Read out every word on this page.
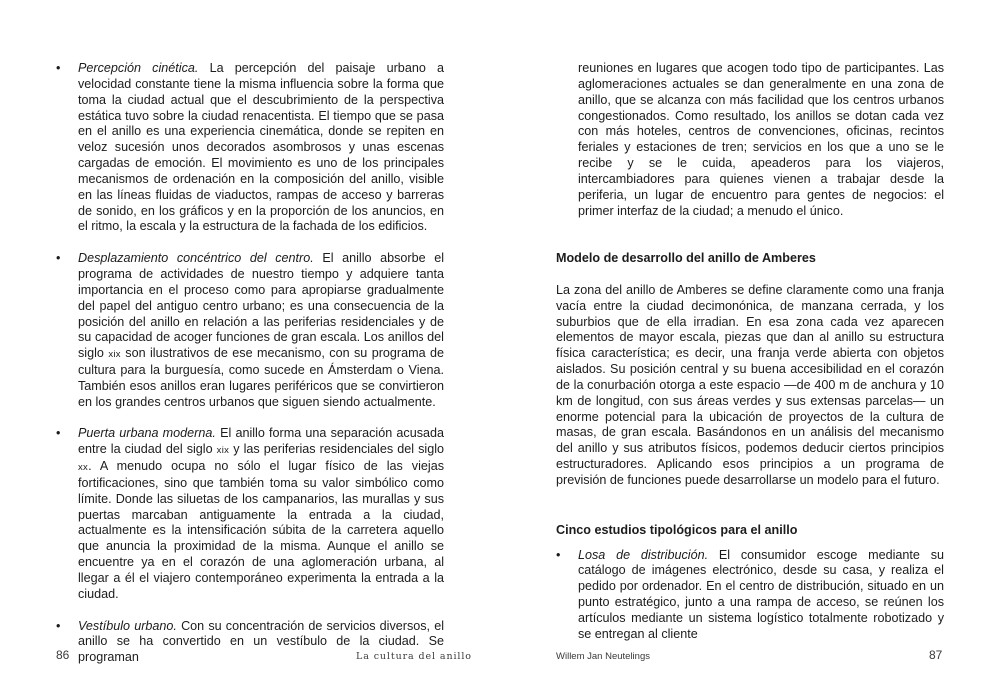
•	Percepción cinética. La percepción del paisaje urbano a velocidad constante tiene la misma influencia sobre la forma que toma la ciudad actual que el descubrimiento de la perspectiva estática tuvo sobre la ciudad renacentista. El tiempo que se pasa en el anillo es una experiencia cinemática, donde se repiten en veloz sucesión unos decorados asombrosos y unas escenas cargadas de emoción. El movimiento es uno de los principales mecanismos de ordenación en la composición del anillo, visible en las líneas fluidas de viaductos, rampas de acceso y barreras de sonido, en los gráficos y en la proporción de los anuncios, en el ritmo, la escala y la estructura de la fachada de los edificios.
•	Desplazamiento concéntrico del centro. El anillo absorbe el programa de actividades de nuestro tiempo y adquiere tanta importancia en el proceso como para apropiarse gradualmente del papel del antiguo centro urbano; es una consecuencia de la posición del anillo en relación a las periferias residenciales y de su capacidad de acoger funciones de gran escala. Los anillos del siglo xix son ilustrativos de ese mecanismo, con su programa de cultura para la burguesía, como sucede en Ámsterdam o Viena. También esos anillos eran lugares periféricos que se convirtieron en los grandes centros urbanos que siguen siendo actualmente.
•	Puerta urbana moderna. El anillo forma una separación acusada entre la ciudad del siglo xix y las periferias residenciales del siglo xx. A menudo ocupa no sólo el lugar físico de las viejas fortificaciones, sino que también toma su valor simbólico como límite. Donde las siluetas de los campanarios, las murallas y sus puertas marcaban antiguamente la entrada a la ciudad, actualmente es la intensificación súbita de la carretera aquello que anuncia la proximidad de la misma. Aunque el anillo se encuentre ya en el corazón de una aglomeración urbana, al llegar a él el viajero contemporáneo experimenta la entrada a la ciudad.
•	Vestíbulo urbano. Con su concentración de servicios diversos, el anillo se ha convertido en un vestíbulo de la ciudad. Se programan
86	La cultura del anillo
reuniones en lugares que acogen todo tipo de participantes. Las aglomeraciones actuales se dan generalmente en una zona de anillo, que se alcanza con más facilidad que los centros urbanos congestionados. Como resultado, los anillos se dotan cada vez con más hoteles, centros de convenciones, oficinas, recintos feriales y estaciones de tren; servicios en los que a uno se le recibe y se le cuida, apeaderos para los viajeros, intercambiadores para quienes vienen a trabajar desde la periferia, un lugar de encuentro para gentes de negocios: el primer interfaz de la ciudad; a menudo el único.
Modelo de desarrollo del anillo de Amberes
La zona del anillo de Amberes se define claramente como una franja vacía entre la ciudad decimonónica, de manzana cerrada, y los suburbios que de ella irradian. En esa zona cada vez aparecen elementos de mayor escala, piezas que dan al anillo su estructura física característica; es decir, una franja verde abierta con objetos aislados. Su posición central y su buena accesibilidad en el corazón de la conurbación otorga a este espacio —de 400 m de anchura y 10 km de longitud, con sus áreas verdes y sus extensas parcelas— un enorme potencial para la ubicación de proyectos de la cultura de masas, de gran escala. Basándonos en un análisis del mecanismo del anillo y sus atributos físicos, podemos deducir ciertos principios estructuradores. Aplicando esos principios a un programa de previsión de funciones puede desarrollarse un modelo para el futuro.
Cinco estudios tipológicos para el anillo
•	Losa de distribución. El consumidor escoge mediante su catálogo de imágenes electrónico, desde su casa, y realiza el pedido por ordenador. En el centro de distribución, situado en un punto estratégico, junto a una rampa de acceso, se reúnen los artículos mediante un sistema logístico totalmente robotizado y se entregan al cliente
Willem Jan Neutelings	87
